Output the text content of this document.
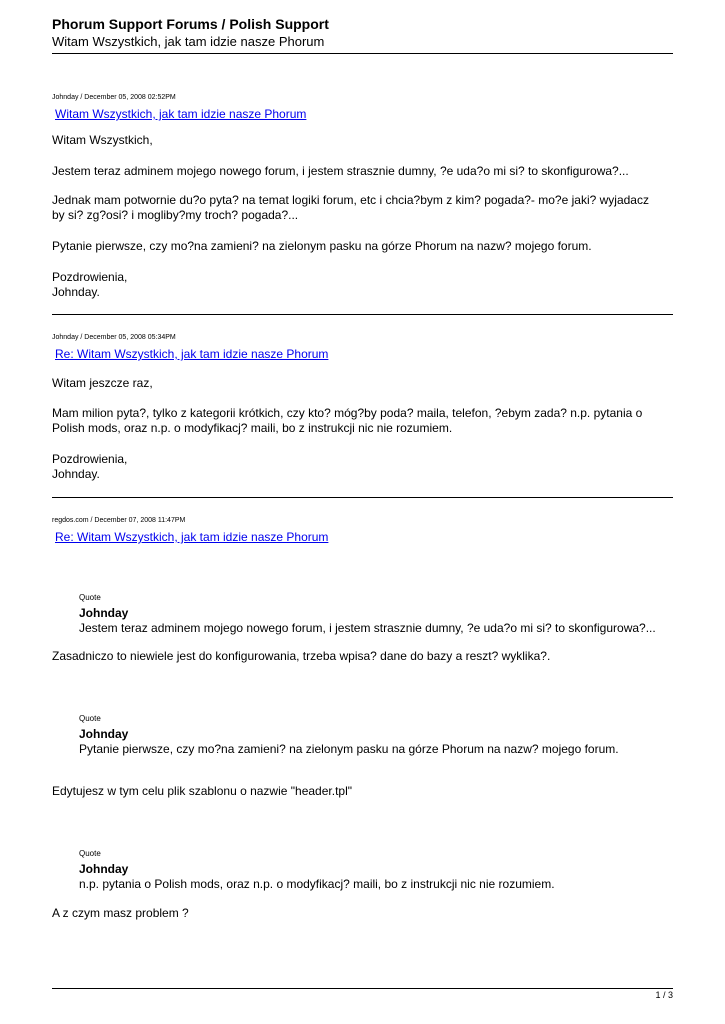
Phorum Support Forums / Polish Support
Witam Wszystkich, jak tam idzie nasze Phorum
Johnday / December 05, 2008 02:52PM
Witam Wszystkich, jak tam idzie nasze Phorum

Witam Wszystkich,

Jestem teraz adminem mojego nowego forum, i jestem strasznie dumny, ?e uda?o mi si? to skonfigurowa?...

Jednak mam potwornie du?o pyta? na temat logiki forum, etc i chcia?bym z kim? pogada?- mo?e jaki? wyjadacz
by si? zg?osi? i mogliby?my troch? pogada?...

Pytanie pierwsze, czy mo?na zamieni? na zielonym pasku na górze Phorum na nazw? mojego forum.

Pozdrowienia,
Johnday.

Johnday / December 05, 2008 05:34PM
Re: Witam Wszystkich, jak tam idzie nasze Phorum

Witam jeszcze raz,

Mam milion pyta?, tylko z kategorii krótkich, czy kto? móg?by poda? maila, telefon, ?ebym zada? n.p. pytania o
Polish mods, oraz n.p. o modyfikacj? maili, bo z instrukcji nic nie rozumiem.

Pozdrowienia,
Johnday.

regdos.com / December 07, 2008 11:47PM
Re: Witam Wszystkich, jak tam idzie nasze Phorum
Quote
Johnday
Jestem teraz adminem mojego nowego forum, i jestem strasznie dumny, ?e uda?o mi si? to skonfigurowa?...

Zasadniczo to niewiele jest do konfigurowania, trzeba wpisa? dane do bazy a reszt? wyklika?.

Quote
Johnday
Pytanie pierwsze, czy mo?na zamieni? na zielonym pasku na górze Phorum na nazw? mojego forum.

Edytujesz w tym celu plik szablonu o nazwie "header.tpl"

Quote
Johnday
n.p. pytania o Polish mods, oraz n.p. o modyfikacj? maili, bo z instrukcji nic nie rozumiem.

A z czym masz problem ?

1 / 3
